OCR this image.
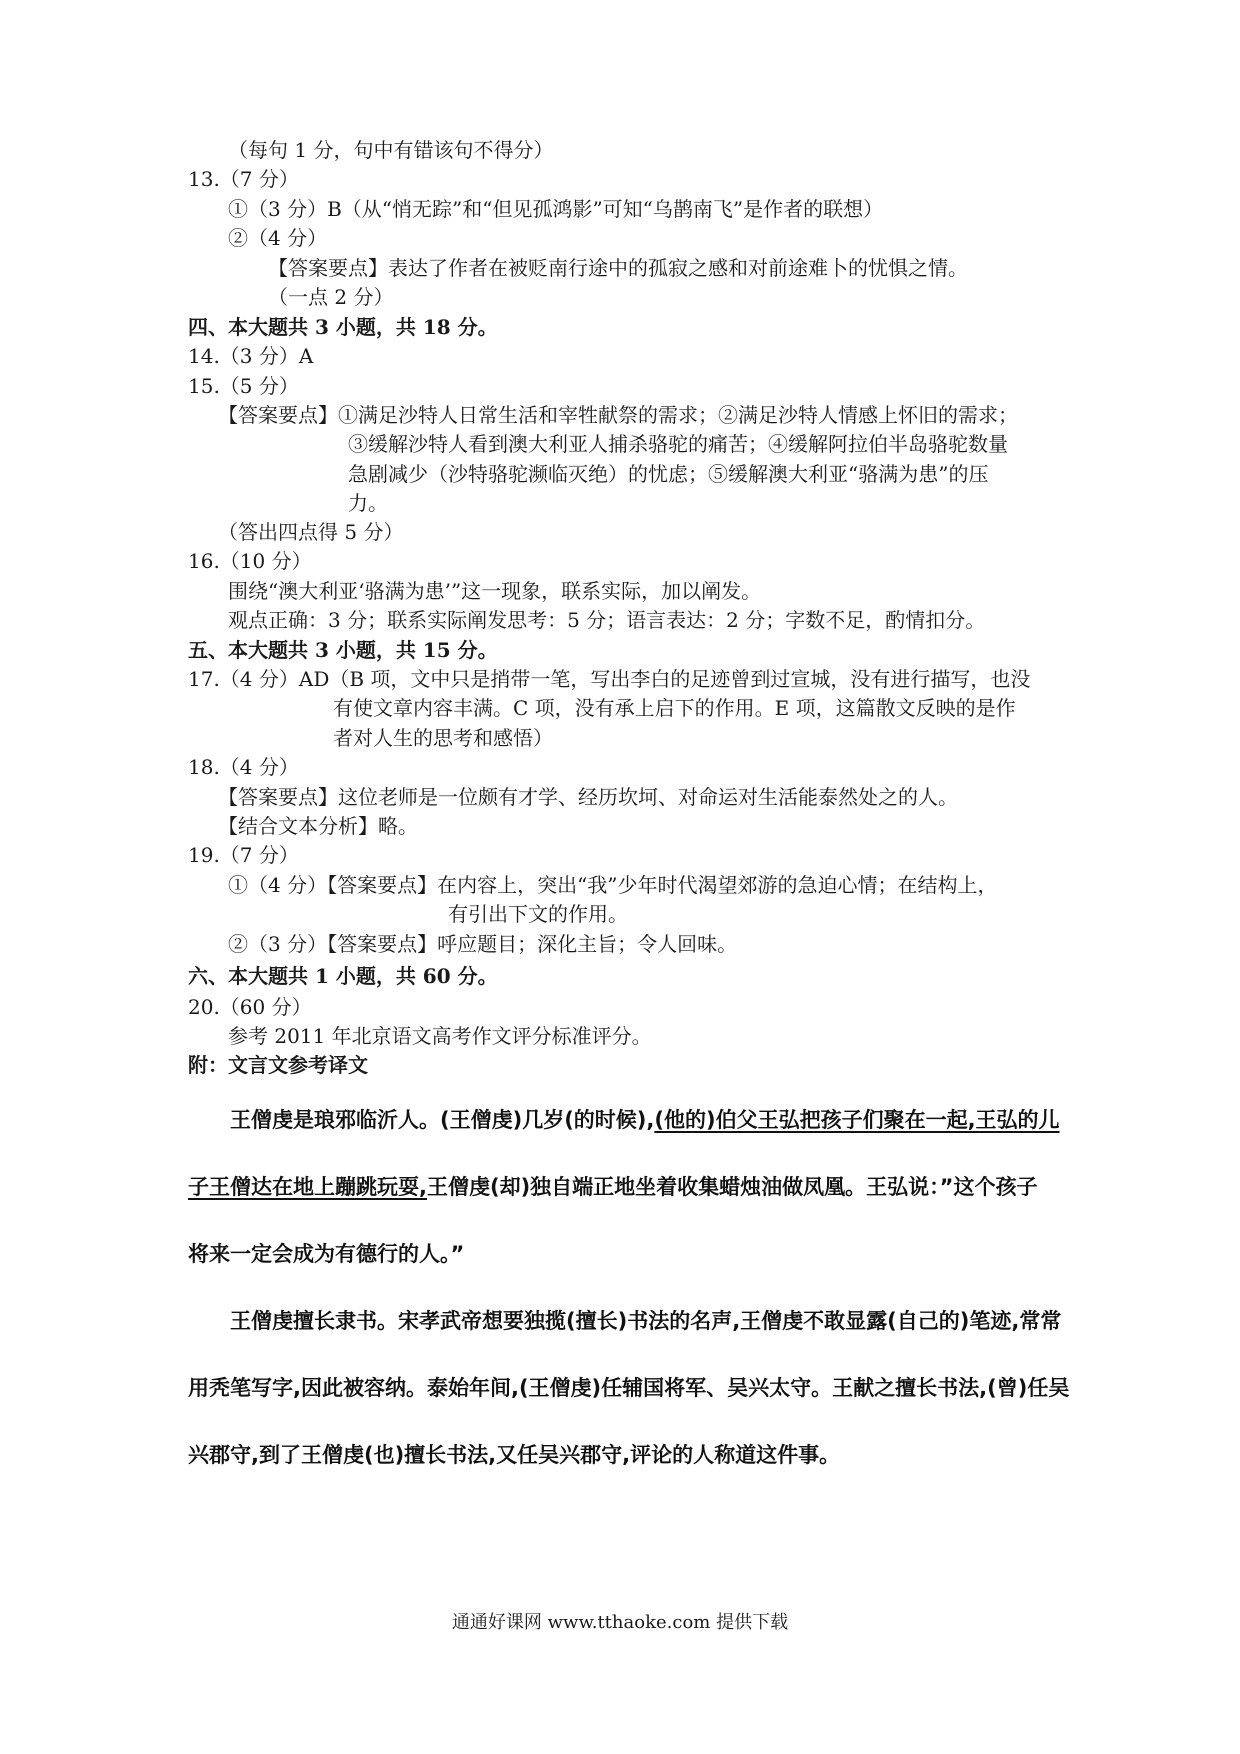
（每句 1 分，句中有错该句不得分）
13.（7 分）
①（3 分）B（从“悄无踪”和“但见孤鸿影”可知“乌鹊南飞”是作者的联想）
②（4 分）
【答案要点】表达了作者在被贬南行途中的孤寂之感和对前途难卜的忧惧之情。
（一点 2 分）
四、本大题共 3 小题，共 18 分。
14.（3 分）A
15.（5 分）
【答案要点】①满足沙特人日常生活和宰牲献祭的需求；②满足沙特人情感上怀旧的需求；
③缓解沙特人看到澳大利亚人捕杀骆驼的痛苦；④缓解阿拉伯半岛骆驼数量
急剧减少（沙特骆驼濒临灭绝）的忧虑；⑤缓解澳大利亚“骆满为患”的压
力。
（答出四点得 5 分）
16.（10 分）
围绕“澳大利亚‘骆满为患’”这一现象，联系实际，加以阐发。
观点正确：3 分；联系实际阐发思考：5 分；语言表达：2 分；字数不足，酌情扣分。
五、本大题共 3 小题，共 15 分。
17.（4 分）AD（B 项，文中只是捎带一笔，写出李白的足迹曾到过宣城，没有进行描写，也没
有使文章内容丰满。C 项，没有承上启下的作用。E 项，这篇散文反映的是作
者对人生的思考和感悟）
18.（4 分）
【答案要点】这位老师是一位颇有才学、经历坎坷、对命运对生活能泰然处之的人。
【结合文本分析】略。
19.（7 分）
①（4 分）【答案要点】在内容上，突出“我”少年时代渴望郊游的急迫心情；在结构上，
有引出下文的作用。
②（3 分）【答案要点】呼应题目；深化主旨；令人回味。
六、本大题共 1 小题，共 60 分。
20.（60 分）
参考 2011 年北京语文高考作文评分标准评分。
附：文言文参考译文
王僧虔是琅邪临沂人。(王僧虔)几岁(的时候),(他的)伯父王弘把孩子们聚在一起,王弘的儿
子王僧达在地上蹦跳玩耍,王僧虔(却)独自端正地坐着收集蜡烛油做凤凰。王弘说：”这个孩子
将来一定会成为有德行的人。”
王僧虔擅长隶书。宋孝武帝想要独揽(擅长)书法的名声,王僧虔不敢显露(自己的)笔迹,常常
用秃笔写字,因此被容纳。泰始年间,(王僧虔)任辅国将军、吴兴太守。王献之擅长书法,(曾)任吴
兴郡守,到了王僧虔(也)擅长书法,又任吴兴郡守,评论的人称道这件事。
通通好课网 www.tthaoke.com 提供下载
